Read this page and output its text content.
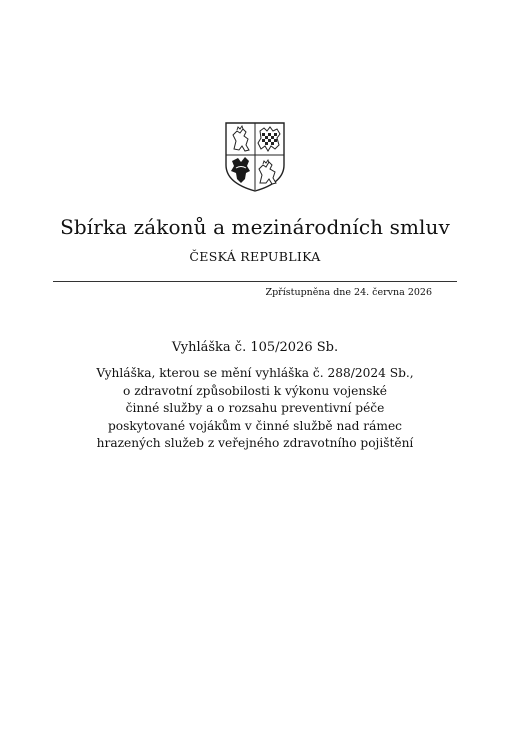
Sbírka zákonů a mezinárodních smluv
ČESKÁ REPUBLIKA
Zpřístupněna dne 24. června 2026
Vyhláška č. 105/2026 Sb.
Vyhláška, kterou se mění vyhláška č. 288/2024 Sb.,
o zdravotní způsobilosti k výkonu vojenské
činné služby a o rozsahu preventivní péče
poskytované vojákům v činné službě nad rámec
hrazených služeb z veřejného zdravotního pojištění
